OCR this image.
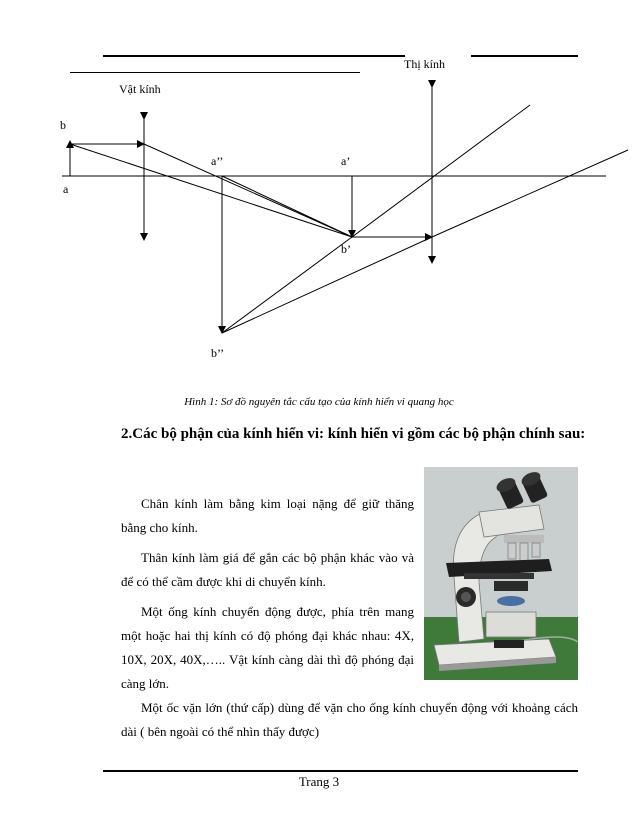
Thị kính
Vật kính
b
a
a’’	a’
b’
b’’
Hình 1: Sơ đồ nguyên tắc cấu tạo của kính hiển vi quang học
2.Các bộ phận của kính hiển vi: kính hiển vi gồm các bộ phận chính sau:
Chân kính làm bằng kim loại nặng để giữ thăng bằng cho kính.
Thân kính làm giá để gắn các bộ phận khác vào và để có thể cầm được khi di chuyển kính.
Một ống kính chuyển động được, phía trên mang một hoặc hai thị kính có độ phóng đại khác nhau: 4X, 10X, 20X, 40X,….. Vật kính càng dài thì độ phóng đại càng lớn.
Một ốc vặn lớn (thứ cấp) dùng để vặn cho ống kính chuyển động với khoảng cách dài ( bên ngoài có thể nhìn thấy được)
Trang 3
